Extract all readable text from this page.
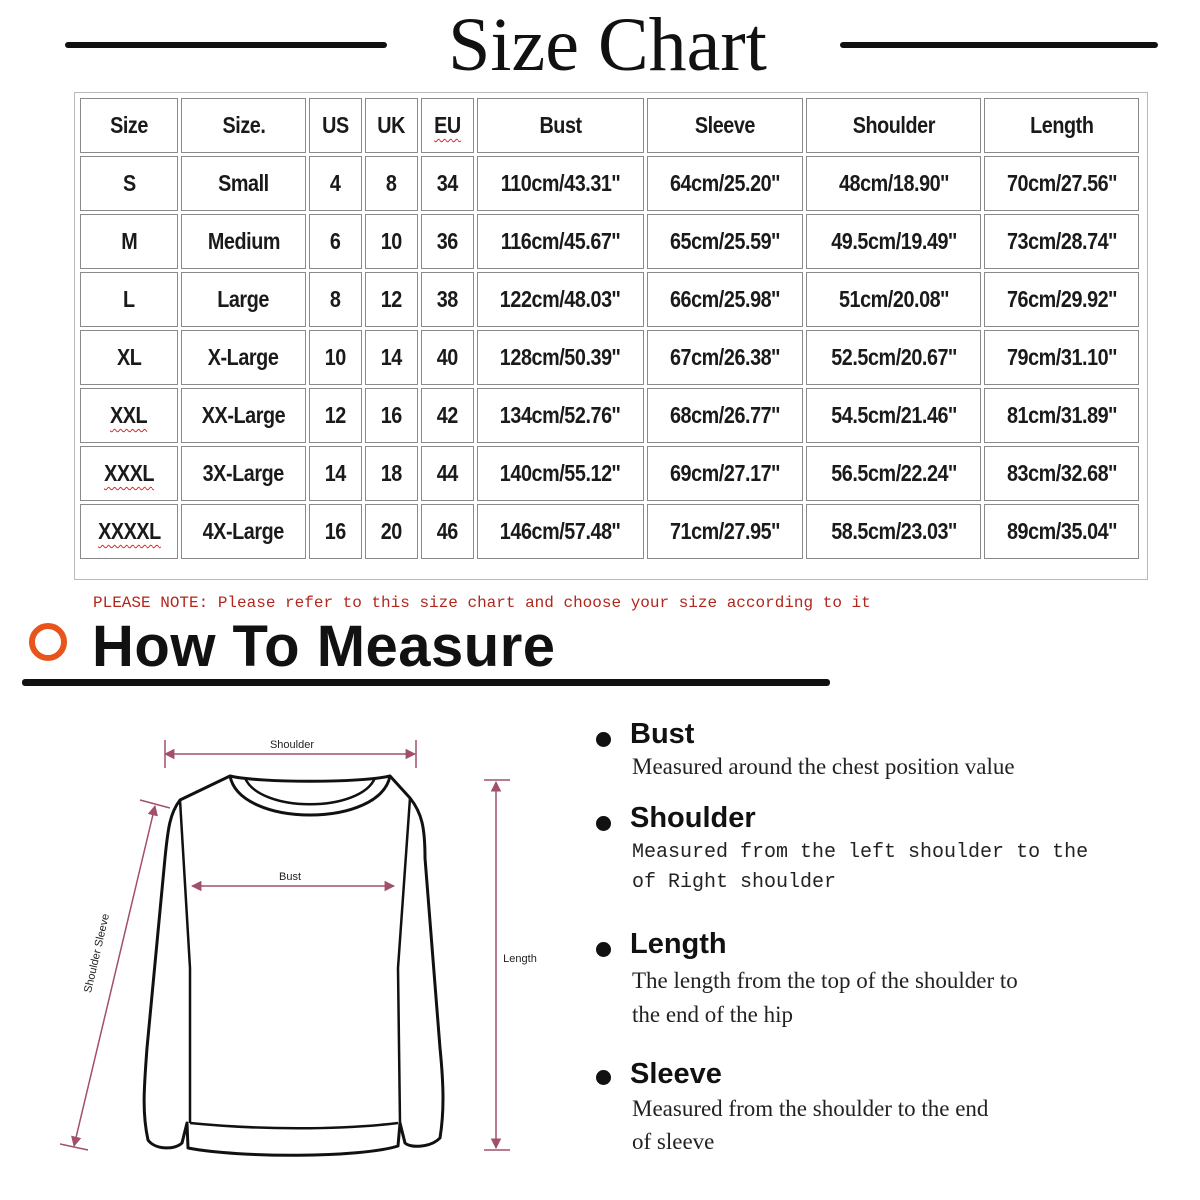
Size Chart
Size	Size.	US	UK	EU	Bust	Sleeve	Shoulder	Length
S	Small	4	8	34	110cm/43.31''	64cm/25.20''	48cm/18.90''	70cm/27.56''
M	Medium	6	10	36	116cm/45.67''	65cm/25.59''	49.5cm/19.49''	73cm/28.74''
L	Large	8	12	38	122cm/48.03''	66cm/25.98''	51cm/20.08''	76cm/29.92''
XL	X-Large	10	14	40	128cm/50.39''	67cm/26.38''	52.5cm/20.67''	79cm/31.10''
XXL	XX-Large	12	16	42	134cm/52.76''	68cm/26.77''	54.5cm/21.46''	81cm/31.89''
XXXL	3X-Large	14	18	44	140cm/55.12''	69cm/27.17''	56.5cm/22.24''	83cm/32.68''
XXXXL	4X-Large	16	20	46	146cm/57.48''	71cm/27.95''	58.5cm/23.03''	89cm/35.04''
PLEASE NOTE: Please refer to this size chart and choose your size according to it
How To Measure
Shoulder
Bust
Length
Shoulder Sleeve
Bust
Measured around the chest position value
Shoulder
Measured from the left shoulder to the
of Right shoulder
Length
The length from the top of the shoulder to
the end of the hip
Sleeve
Measured from the shoulder to the end
of sleeve
